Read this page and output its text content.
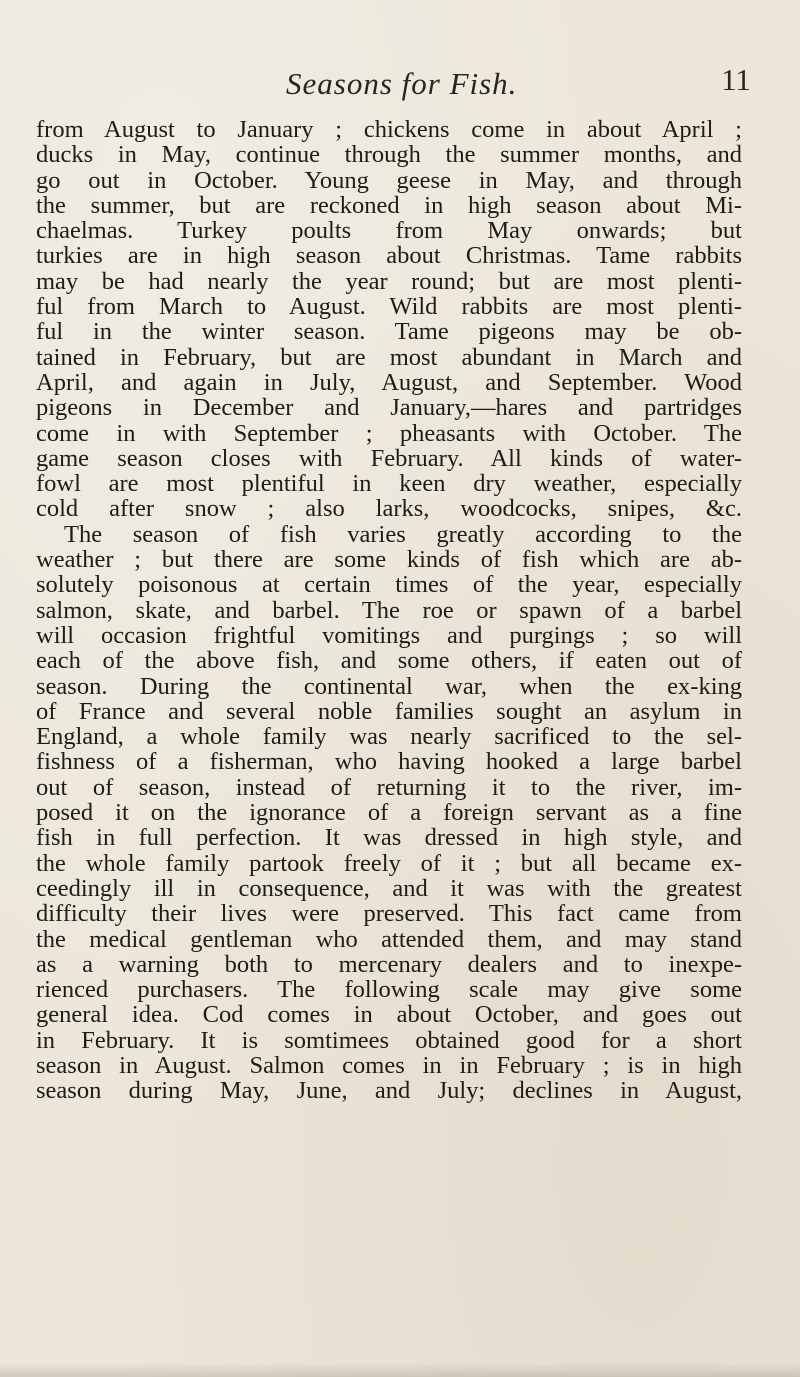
Seasons for Fish.	11
from August to January ; chickens come in about April ;
ducks in May, continue through the summer months, and
go out in October. Young geese in May, and through
the summer, but are reckoned in high season about Mi-
chaelmas. Turkey poults from May onwards; but
turkies are in high season about Christmas. Tame rabbits
may be had nearly the year round; but are most plenti-
ful from March to August. Wild rabbits are most plenti-
ful in the winter season. Tame pigeons may be ob-
tained in February, but are most abundant in March and
April, and again in July, August, and September. Wood
pigeons in December and January,—hares and partridges
come in with September ; pheasants with October. The
game season closes with February. All kinds of water-
fowl are most plentiful in keen dry weather, especially
cold after snow ; also larks, woodcocks, snipes, &c.
The season of fish varies greatly according to the
weather ; but there are some kinds of fish which are ab-
solutely poisonous at certain times of the year, especially
salmon, skate, and barbel. The roe or spawn of a barbel
will occasion frightful vomitings and purgings ; so will
each of the above fish, and some others, if eaten out of
season. During the continental war, when the ex-king
of France and several noble families sought an asylum in
England, a whole family was nearly sacrificed to the sel-
fishness of a fisherman, who having hooked a large barbel
out of season, instead of returning it to the river, im-
posed it on the ignorance of a foreign servant as a fine
fish in full perfection. It was dressed in high style, and
the whole family partook freely of it ; but all became ex-
ceedingly ill in consequence, and it was with the greatest
difficulty their lives were preserved. This fact came from
the medical gentleman who attended them, and may stand
as a warning both to mercenary dealers and to inexpe-
rienced purchasers. The following scale may give some
general idea. Cod comes in about October, and goes out
in February. It is somtimees obtained good for a short
season in August. Salmon comes in in February ; is in high
season during May, June, and July; declines in August,
